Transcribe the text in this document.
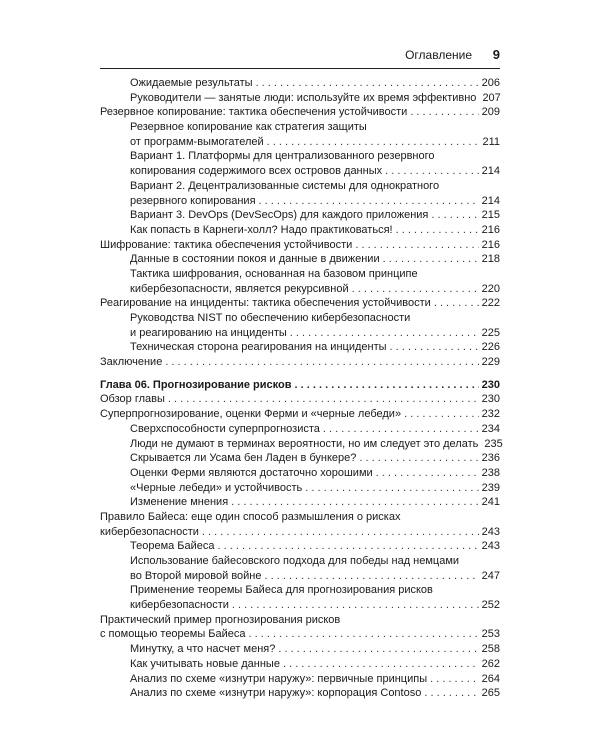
Оглавление 9
Ожидаемые результаты . . .	206
Руководители — занятые люди: используйте их время эффективно 207
Резервное копирование: тактика обеспечения устойчивости . . .	209
Резервное копирование как стратегия защиты
от программ-вымогателей . . .	211
Вариант 1. Платформы для централизованного резервного
копирования содержимого всех островов данных . . .	214
Вариант 2. Децентрализованные системы для однократного
резервного копирования . . .	214
Вариант 3. DevOps (DevSecOps) для каждого приложения . . .	215
Как попасть в Карнеги-холл? Надо практиковаться! . . .	216
Шифрование: тактика обеспечения устойчивости . . .	216
Данные в состоянии покоя и данные в движении . . .	218
Тактика шифрования, основанная на базовом принципе
кибербезопасности, является рекурсивной . . .	220
Реагирование на инциденты: тактика обеспечения устойчивости . . .	222
Руководства NIST по обеспечению кибербезопасности
и реагированию на инциденты . . .	225
Техническая сторона реагирования на инциденты . . .	226
Заключение . . .	229
Глава 06. Прогнозирование рисков . . .	230
Обзор главы . . .	230
Суперпрогнозирование, оценки Ферми и «черные лебеди» . . .	232
Сверхспособности суперпрогнозиста . . .	234
Люди не думают в терминах вероятности, но им следует это делать 235
Скрывается ли Усама бен Ладен в бункере? . . .	236
Оценки Ферми являются достаточно хорошими . . .	238
«Черные лебеди» и устойчивость . . .	239
Изменение мнения . . .	241
Правило Байеса: еще один способ размышления о рисках
кибербезопасности . . .	243
Теорема Байеса . . .	243
Использование байесовского подхода для победы над немцами
во Второй мировой войне . . .	247
Применение теоремы Байеса для прогнозирования рисков
кибербезопасности . . .	252
Практический пример прогнозирования рисков
с помощью теоремы Байеса . . .	253
Минутку, а что насчет меня? . . .	258
Как учитывать новые данные . . .	262
Анализ по схеме «изнутри наружу»: первичные принципы . . .	264
Анализ по схеме «изнутри наружу»: корпорация Contoso . . .	265
